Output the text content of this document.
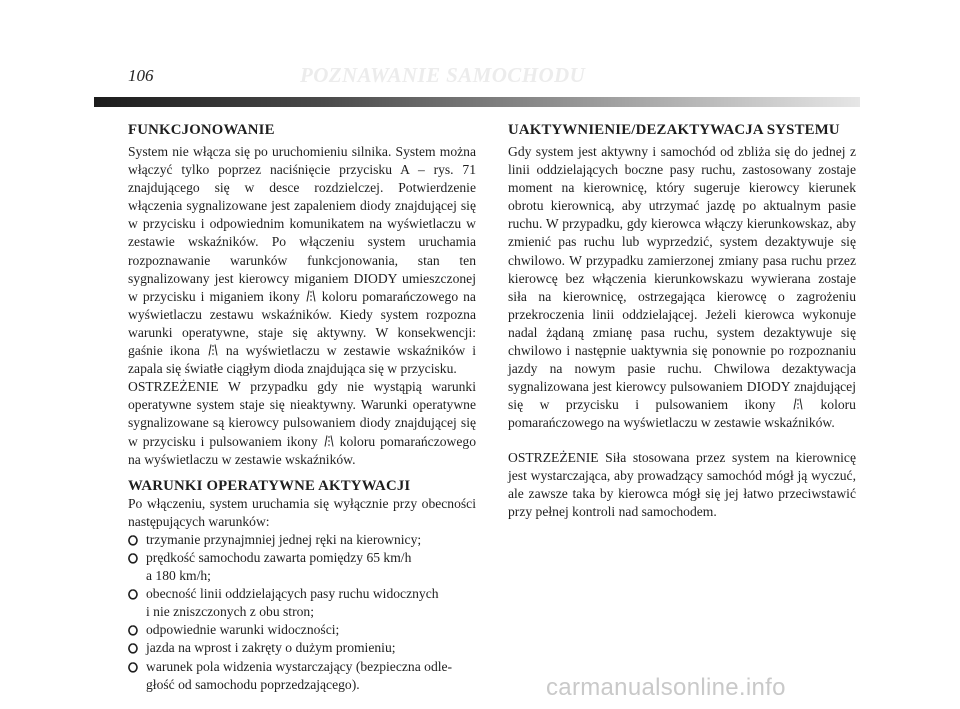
106	POZNAWANIE SAMOCHODU
FUNKCJONOWANIE

System nie włącza się po uruchomieniu silnika. System można włączyć tylko poprzez naciśnięcie przycisku A – rys. 71 znajdującego się w desce rozdzielczej. Potwierdzenie włączenia sygnalizowane jest zapaleniem diody znajdującej się w przycisku i odpowiednim komunikatem na wyświetlaczu w zestawie wskaźników. Po włączeniu system uruchamia rozpoznawanie warunków funkcjonowania, stan ten sygnalizowany jest kierowcy miganiem DIODY umieszczonej w przycisku i miganiem ikony koloru pomarańczowego na wyświetlaczu zestawu wskaźników. Kiedy system rozpozna warunki operatywne, staje się aktywny. W konsekwencji: gaśnie ikona na wyświetlaczu w zestawie wskaźników i zapala się światłe ciągłym dioda znajdująca się w przycisku.

OSTRZEŻENIE W przypadku gdy nie wystąpią warunki operatywne system staje się nieaktywny. Warunki operatywne sygnalizowane są kierowcy pulsowaniem diody znajdującej się w przycisku i pulsowaniem ikony koloru pomarańczowego na wyświetlaczu w zestawie wskaźników.

WARUNKI OPERATYWNE AKTYWACJI

Po włączeniu, system uruchamia się wyłącznie przy obecności następujących warunków:

trzymanie przynajmniej jednej ręki na kierownicy;
prędkość samochodu zawarta pomiędzy 65 km/h
a 180 km/h;
obecność linii oddzielających pasy ruchu widocznych
i nie zniszczonych z obu stron;
odpowiednie warunki widoczności;
jazda na wprost i zakręty o dużym promieniu;
warunek pola widzenia wystarczający (bezpieczna odle-
głość od samochodu poprzedzającego).
UAKTYWNIENIE/DEZAKTYWACJA SYSTEMU

Gdy system jest aktywny i samochód od zbliża się do jednej z linii oddzielających boczne pasy ruchu, zastosowany zostaje moment na kierownicę, który sugeruje kierowcy kierunek obrotu kierownicą, aby utrzymać jazdę po aktualnym pasie ruchu. W przypadku, gdy kierowca włączy kierunkowskaz, aby zmienić pas ruchu lub wyprzedzić, system dezaktywuje się chwilowo. W przypadku zamierzonej zmiany pasa ruchu przez kierowcę bez włączenia kierunkowskazu wywierana zostaje siła na kierownicę, ostrzegająca kierowcę o zagrożeniu przekroczenia linii oddzielającej. Jeżeli kierowca wykonuje nadal żądaną zmianę pasa ruchu, system dezaktywuje się chwilowo i następnie uaktywnia się ponownie po rozpoznaniu jazdy na nowym pasie ruchu. Chwilowa dezaktywacja sygnalizowana jest kierowcy pulsowaniem DIODY znajdującej się w przycisku i pulsowaniem ikony	koloru pomarańczowego na wyświetlaczu w zestawie wskaźników.

OSTRZEŻENIE Siła stosowana przez system na kierownicę jest wystarczająca, aby prowadzący samochód mógł ją wyczuć, ale zawsze taka by kierowca mógł się jej łatwo przeciwstawić przy pełnej kontroli nad samochodem.

carmanualsonline.info
